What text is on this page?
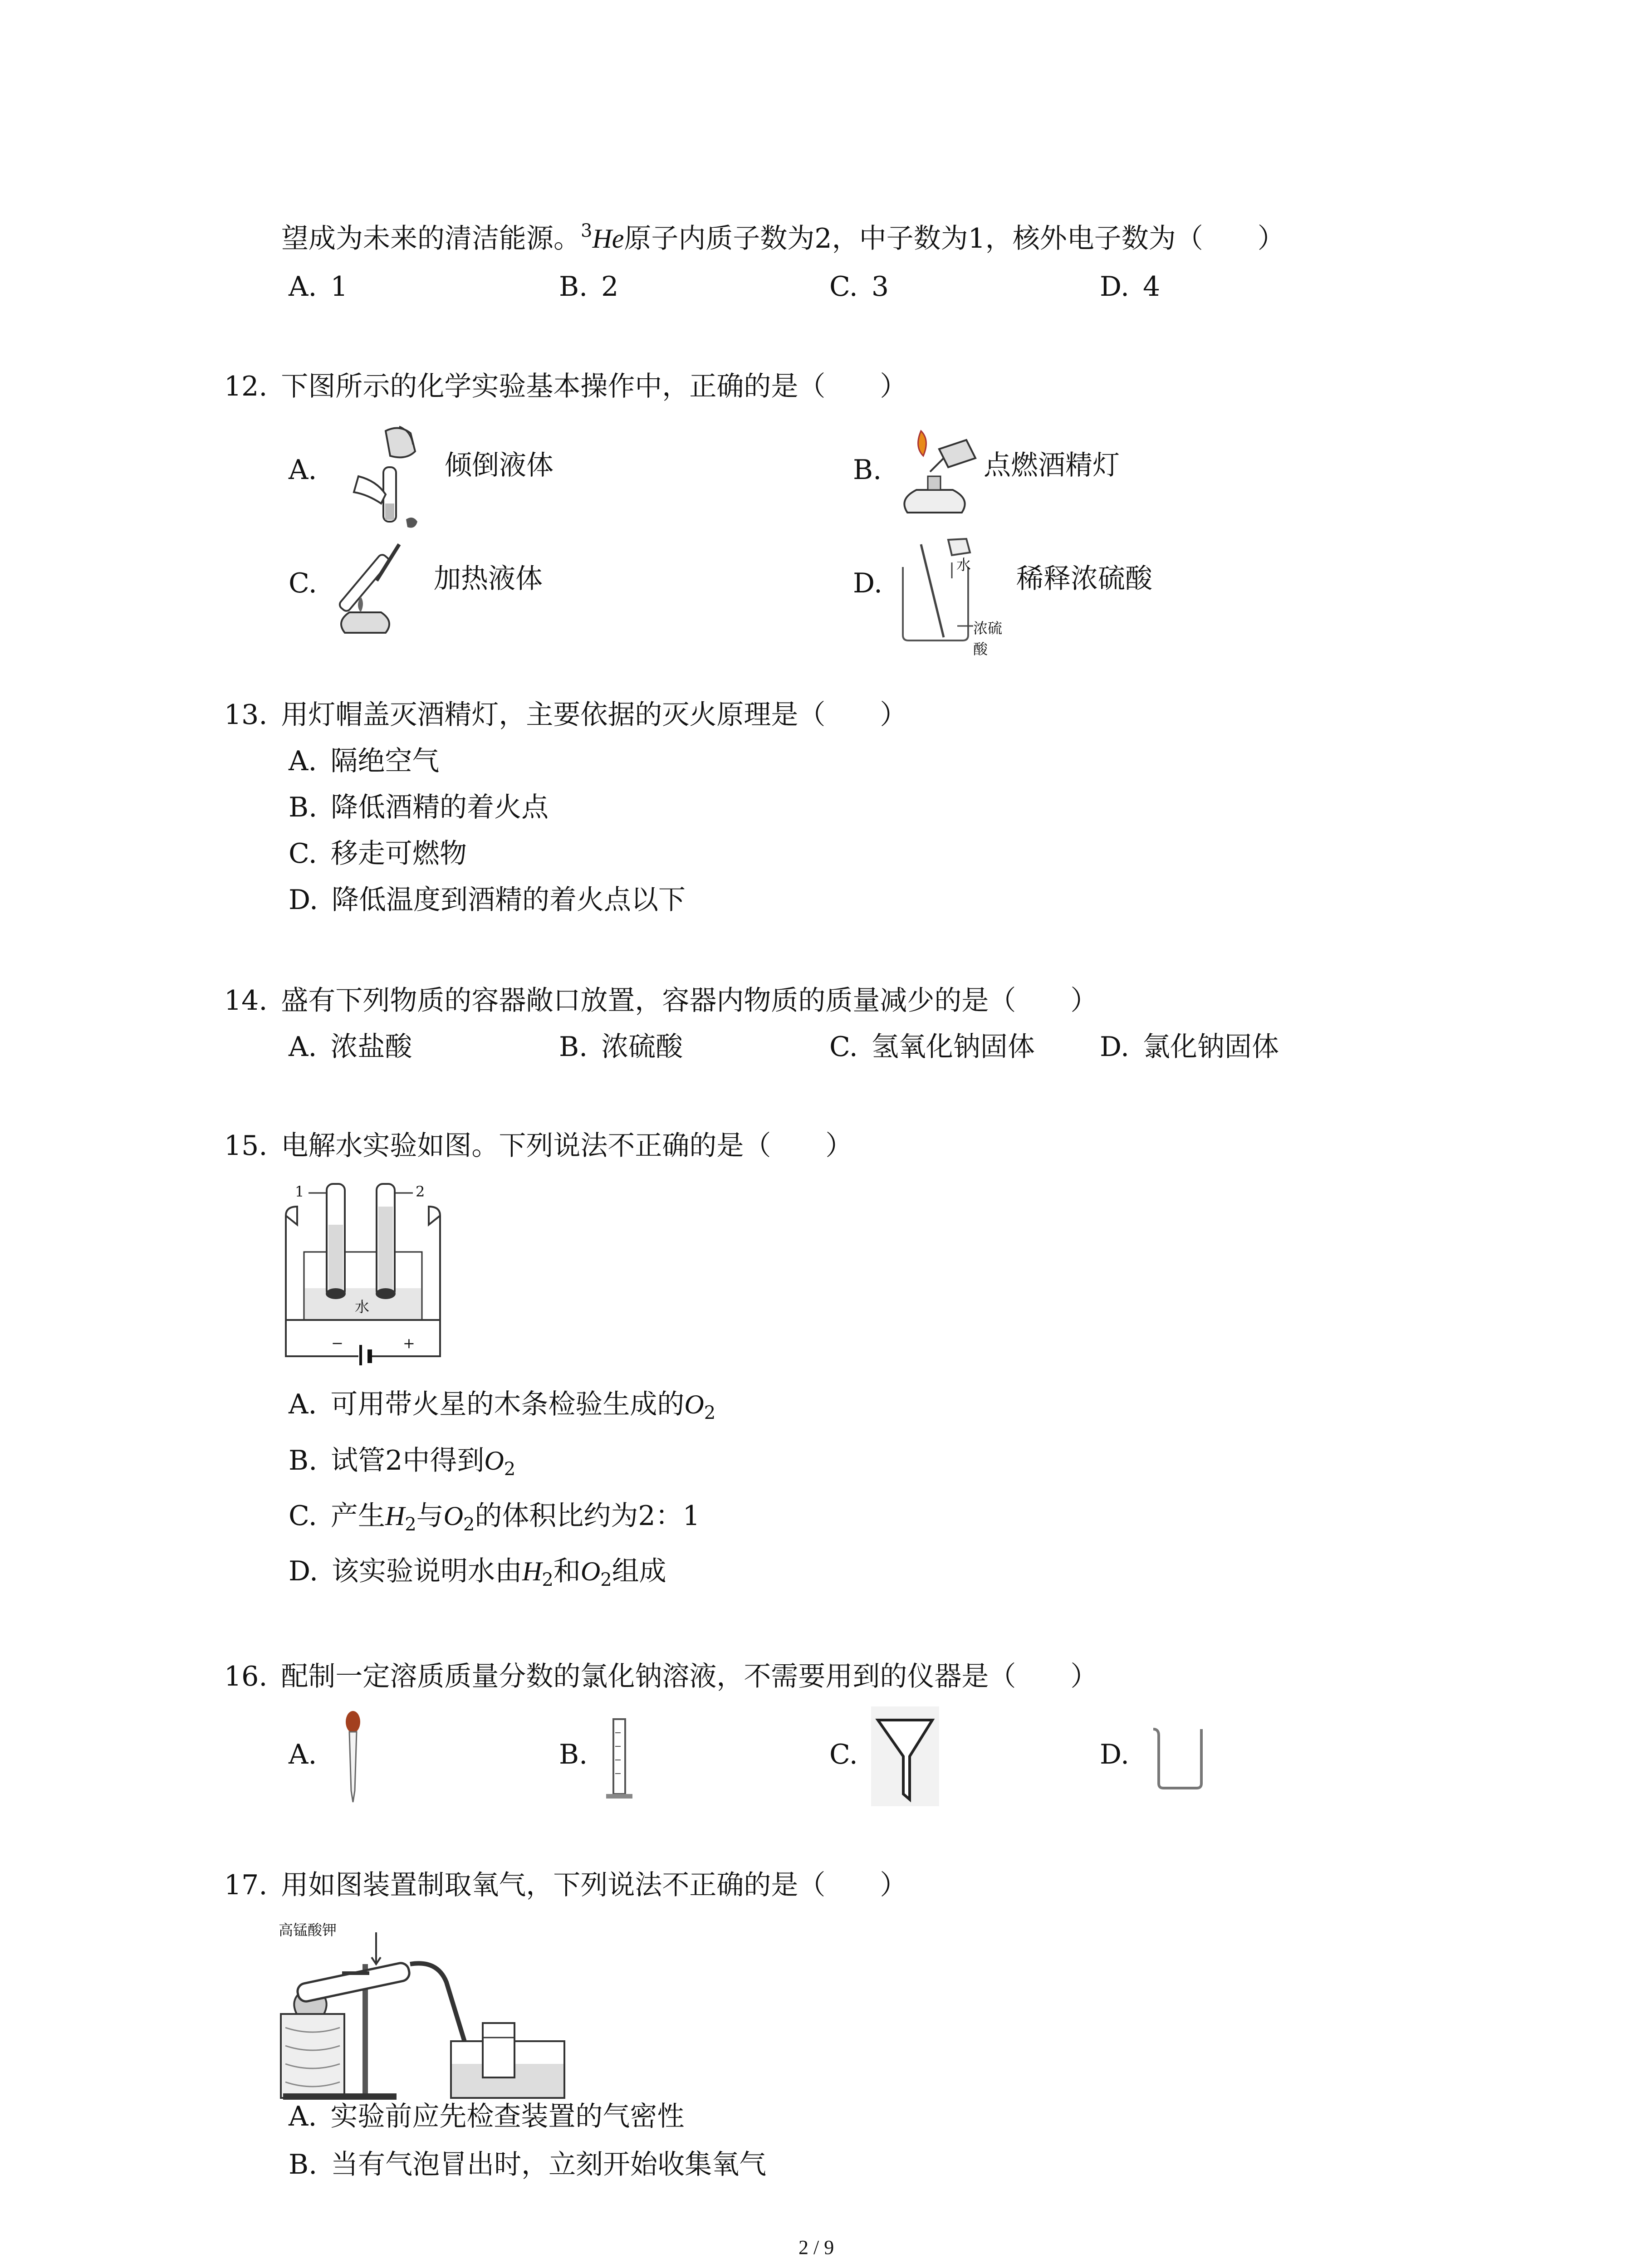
望成为未来的清洁能源。$^3$He原子内质子数为2，中子数为1，核外电子数为（　　）
A.  1	B.  2	C.  3	D.  4
12.  下图所示的化学实验基本操作中，正确的是（　　）
A.	倾倒液体	B.	点燃酒精灯
C.	加热液体	D.
水
浓硫酸
稀释浓硫酸
13.  用灯帽盖灭酒精灯，主要依据的灭火原理是（　　）
A.  隔绝空气
B.  降低酒精的着火点
C.  移走可燃物
D.  降低温度到酒精的着火点以下
14.  盛有下列物质的容器敞口放置，容器内物质的质量减少的是（　　）
A.  浓盐酸	B.  浓硫酸	C.  氢氧化钠固体 D.  氯化钠固体
15.  电解水实验如图。下列说法不正确的是（　　）
1	2
水
−	+
A.  可用带火星的木条检验生成的$O_2$
B.  试管2中得到$O_2$
C.  产生$H_2$与$O_2$的体积比约为2：1
D.  该实验说明水由$H_2$和$O_2$组成
16.  配制一定溶质质量分数的氯化钠溶液，不需要用到的仪器是（　　）
A.	B.	C.	D.
17.  用如图装置制取氧气，下列说法不正确的是（　　）
高锰酸钾
A.  实验前应先检查装置的气密性
B.  当有气泡冒出时，立刻开始收集氧气
2 / 9
